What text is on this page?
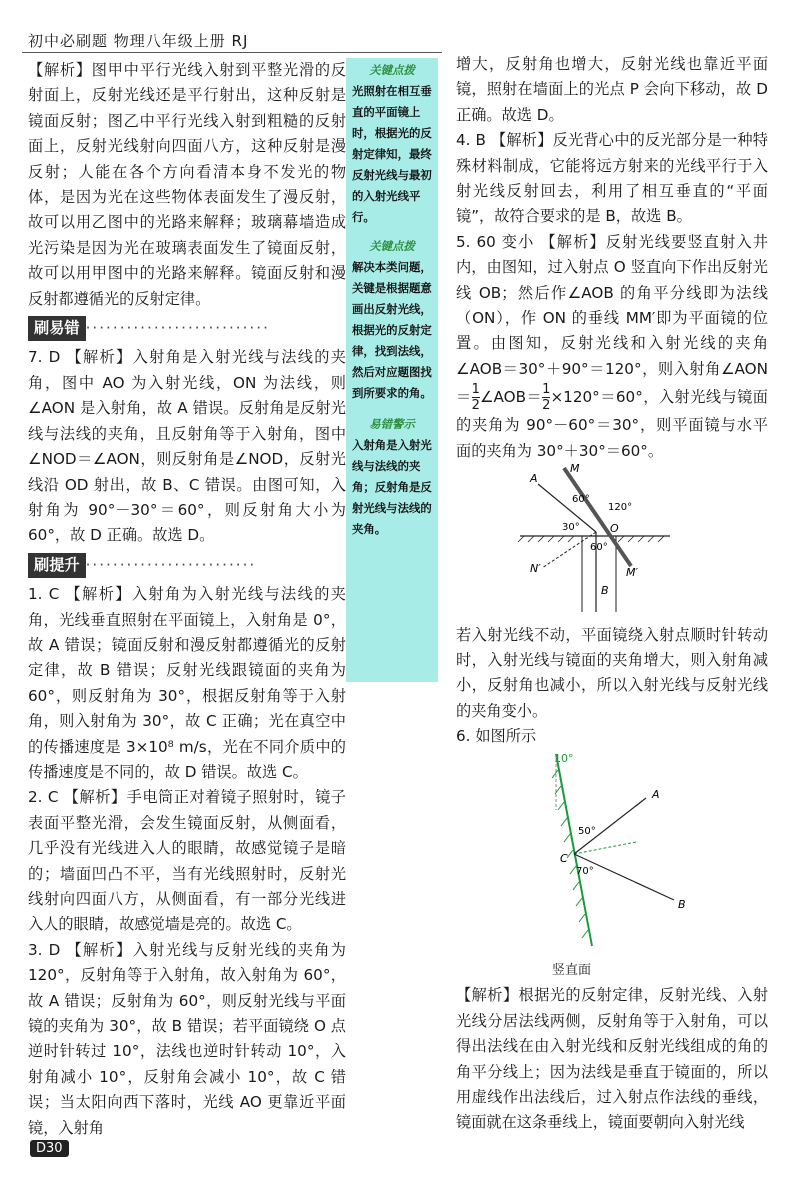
初中必刷题 物理八年级上册 RJ

【解析】图甲中平行光线入射到平整光滑的反射面上，反射光线还是平行射出，这种反射是镜面反射；图乙中平行光线入射到粗糙的反射面上，反射光线射向四面八方，这种反射是漫反射；人能在各个方向看清本身不发光的物体，是因为光在这些物体表面发生了漫反射，故可以用乙图中的光路来解释；玻璃幕墙造成光污染是因为光在玻璃表面发生了镜面反射，故可以用甲图中的光路来解释。镜面反射和漫反射都遵循光的反射定律。

刷易错 ···························

7. D 【解析】入射角是入射光线与法线的夹角，图中 AO 为入射光线，ON 为法线，则∠AON 是入射角，故 A 错误。反射角是反射光线与法线的夹角，且反射角等于入射角，图中∠NOD＝∠AON，则反射角是∠NOD，反射光线沿 OD 射出，故 B、C 错误。由图可知，入射角为 90°－30°＝60°，则反射角大小为 60°，故 D 正确。故选 D。

刷提升 ·························

1. C 【解析】入射角为入射光线与法线的夹角，光线垂直照射在平面镜上，入射角是 0°，故 A 错误；镜面反射和漫反射都遵循光的反射定律，故 B 错误；反射光线跟镜面的夹角为 60°，则反射角为 30°，根据反射角等于入射角，则入射角为 30°，故 C 正确；光在真空中的传播速度是 3×10⁸ m/s，光在不同介质中的传播速度是不同的，故 D 错误。故选 C。

2. C 【解析】手电筒正对着镜子照射时，镜子表面平整光滑，会发生镜面反射，从侧面看，几乎没有光线进入人的眼睛，故感觉镜子是暗的；墙面凹凸不平，当有光线照射时，反射光线射向四面八方，从侧面看，有一部分光线进入人的眼睛，故感觉墙是亮的。故选 C。

3. D 【解析】入射光线与反射光线的夹角为 120°，反射角等于入射角，故入射角为 60°，故 A 错误；反射角为 60°，则反射光线与平面镜的夹角为 30°，故 B 错误；若平面镜绕 O 点逆时针转过 10°，法线也逆时针转动 10°，入射角减小 10°，反射角会减小 10°，故 C 错误；当太阳向西下落时，光线 AO 更靠近平面镜，入射角

关键点拨
光照射在相互垂直的平面镜上时，根据光的反射定律知，最终反射光线与最初的入射光线平行。
关键点拨
解决本类问题，关键是根据题意画出反射光线，根据光的反射定律，找到法线，然后对应题图找到所要求的角。
易错警示
入射角是入射光线与法线的夹角；反射角是反射光线与法线的夹角。

增大，反射角也增大，反射光线也靠近平面镜，照射在墙面上的光点 P 会向下移动，故 D 正确。故选 D。

4. B 【解析】反光背心中的反光部分是一种特殊材料制成，它能将远方射来的光线平行于入射光线反射回去，利用了相互垂直的“平面镜”，故符合要求的是 B，故选 B。

5. 60 变小 【解析】反射光线要竖直射入井内，由图知，过入射点 O 竖直向下作出反射光线 OB；然后作∠AOB 的角平分线即为法线（ON），作 ON 的垂线 MM′即为平面镜的位置。由图知，反射光线和入射光线的夹角∠AOB＝30°＋90°＝120°，则入射角∠AON＝ $\frac{1}{2}$ ∠AOB＝ $\frac{1}{2} \times 120^\circ=60^\circ$，入射光线与镜面的夹角为 90°－60°＝30°，则平面镜与水平面的夹角为 30°＋30°＝60°。

A
M
O
N′	M′
B
60°
120°
30°
60°

若入射光线不动，平面镜绕入射点顺时针转动时，入射光线与镜面的夹角增大，则入射角减小，反射角也减小，所以入射光线与反射光线的夹角变小。

6. 如图所示

10°
A
C
B
50°
70°
竖直面

【解析】根据光的反射定律，反射光线、入射光线分居法线两侧，反射角等于入射角，可以得出法线在由入射光线和反射光线组成的角的角平分线上；因为法线是垂直于镜面的，所以用虚线作出法线后，过入射点作法线的垂线，镜面就在这条垂线上，镜面要朝向入射光线

D30
